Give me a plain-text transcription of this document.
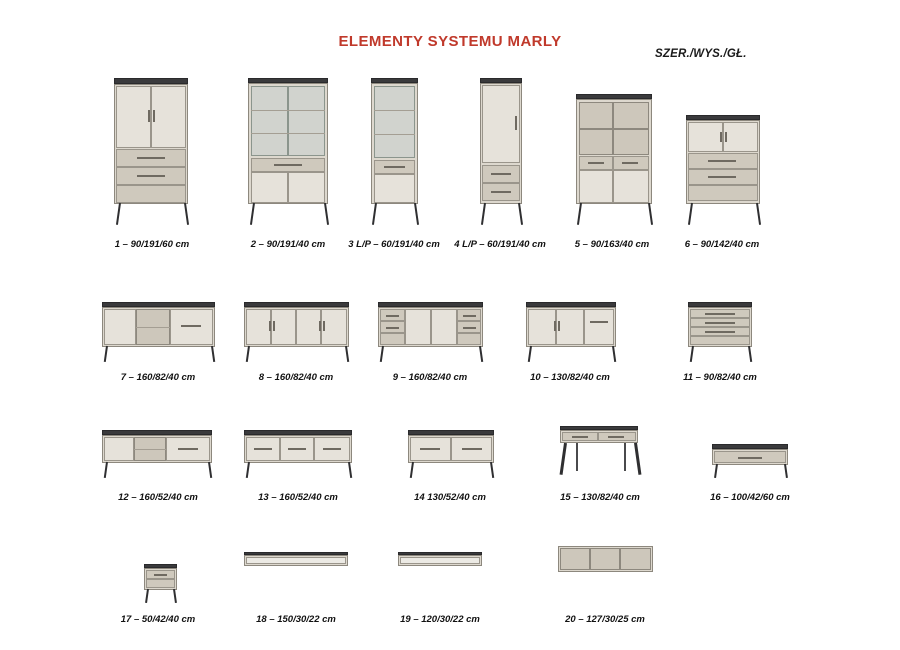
ELEMENTY SYSTEMU MARLY
SZER./WYS./GŁ.
1 – 90/191/60 cm	2 – 90/191/40 cm	3 L/P – 60/191/40 cm	4 L/P – 60/191/40 cm	5 – 90/163/40 cm	6 – 90/142/40 cm
7 – 160/82/40 cm	8 – 160/82/40 cm	9 – 160/82/40 cm	10 – 130/82/40 cm	11 – 90/82/40 cm
12 – 160/52/40 cm	13 – 160/52/40 cm	14 130/52/40 cm	15 – 130/82/40 cm	16 – 100/42/60 cm
17 – 50/42/40 cm	18 – 150/30/22 cm	19 – 120/30/22 cm	20 – 127/30/25 cm
